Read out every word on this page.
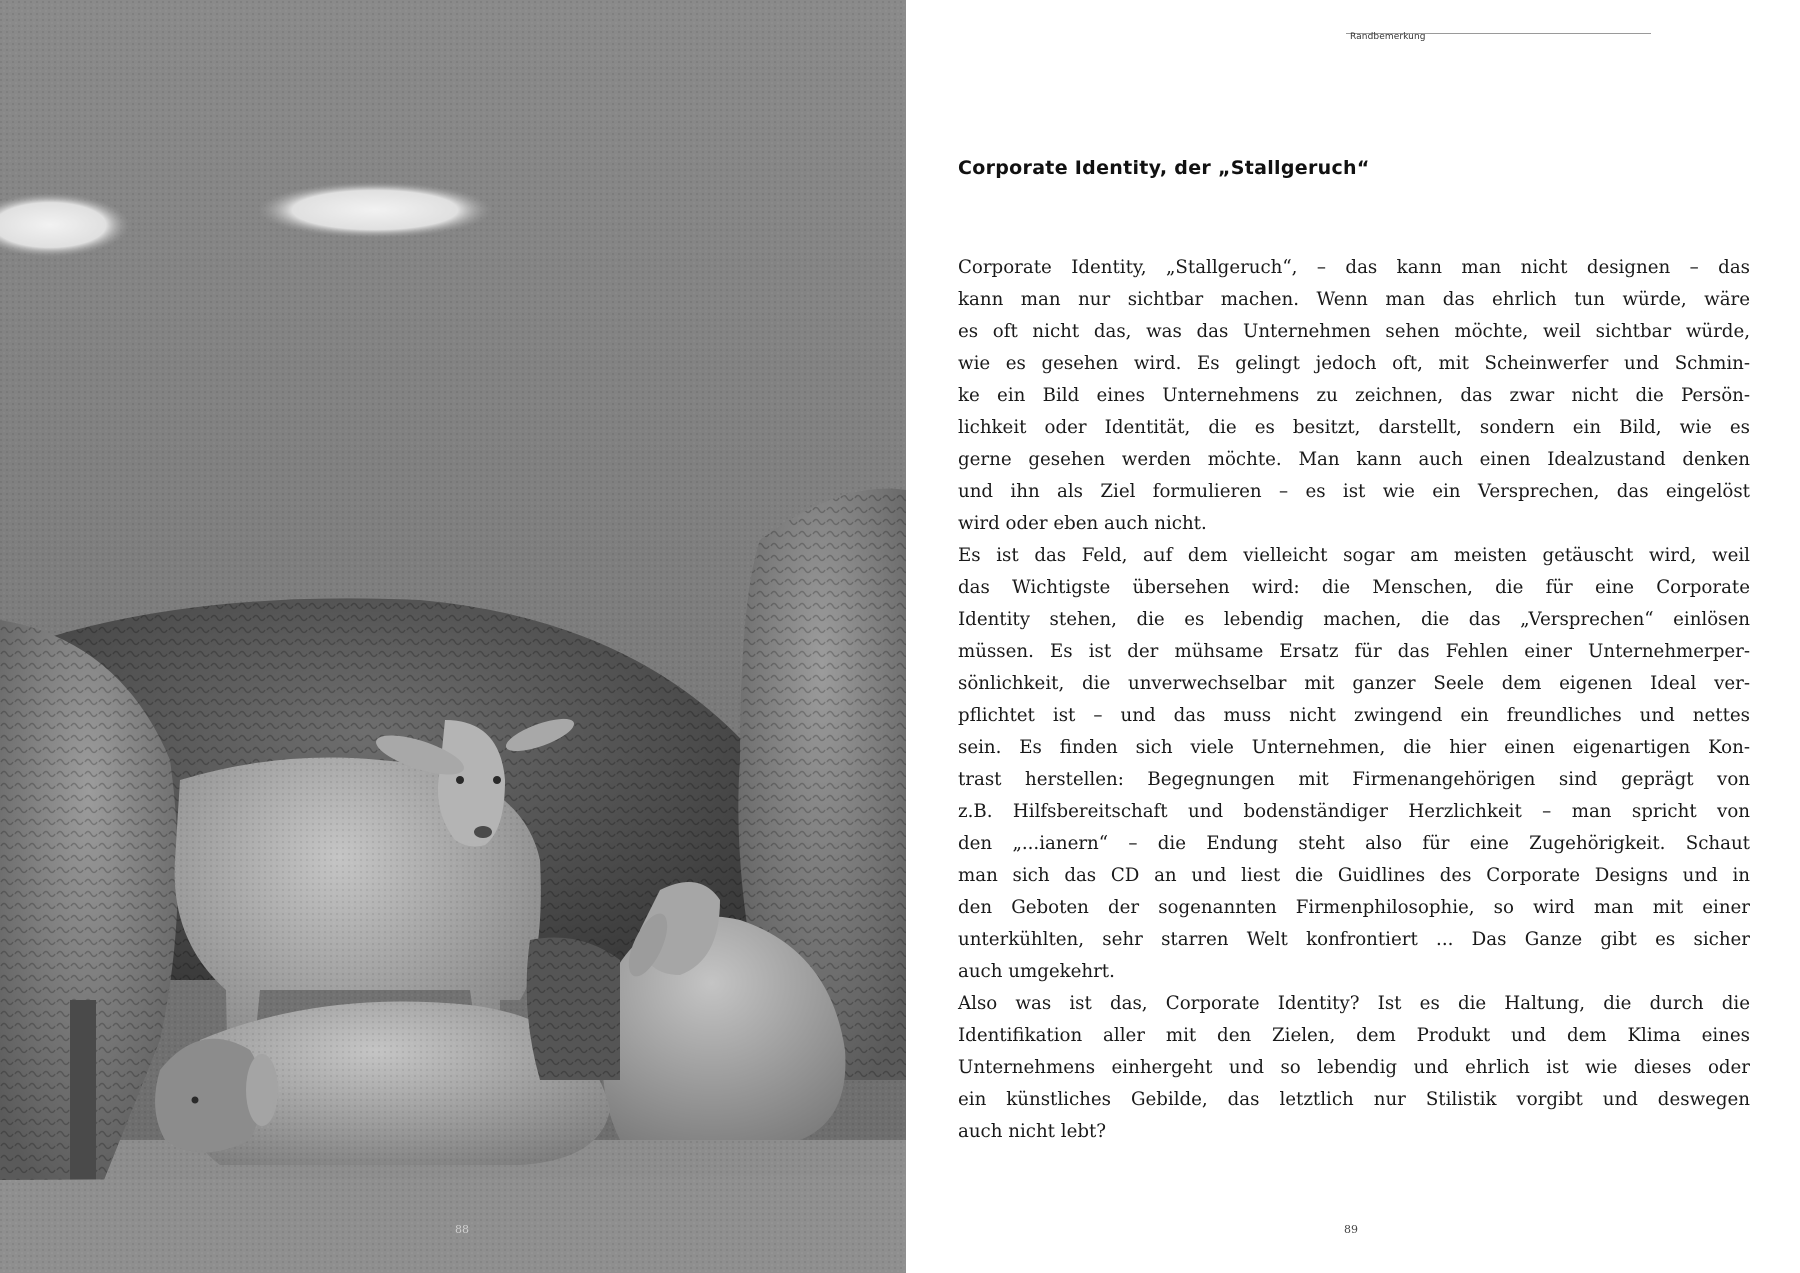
88
Randbemerkung
Corporate Identity, der „Stallgeruch“
Corporate Identity, „Stallgeruch“, – das kann man nicht designen – das
kann man nur sichtbar machen. Wenn man das ehrlich tun würde, wäre
es oft nicht das, was das Unternehmen sehen möchte, weil sichtbar würde,
wie es gesehen wird. Es gelingt jedoch oft, mit Scheinwerfer und Schmin-
ke ein Bild eines Unternehmens zu zeichnen, das zwar nicht die Persön-
lichkeit oder Identität, die es besitzt, darstellt, sondern ein Bild, wie es
gerne gesehen werden möchte. Man kann auch einen Idealzustand denken
und ihn als Ziel formulieren – es ist wie ein Versprechen, das eingelöst
wird oder eben auch nicht.
Es ist das Feld, auf dem vielleicht sogar am meisten getäuscht wird, weil
das Wichtigste übersehen wird: die Menschen, die für eine Corporate
Identity stehen, die es lebendig machen, die das „Versprechen“ einlösen
müssen. Es ist der mühsame Ersatz für das Fehlen einer Unternehmerper-
sönlichkeit, die unverwechselbar mit ganzer Seele dem eigenen Ideal ver-
pflichtet ist – und das muss nicht zwingend ein freundliches und nettes
sein. Es finden sich viele Unternehmen, die hier einen eigenartigen Kon-
trast herstellen: Begegnungen mit Firmenangehörigen sind geprägt von
z.B. Hilfsbereitschaft und bodenständiger Herzlichkeit – man spricht von
den „...ianern“ – die Endung steht also für eine Zugehörigkeit. Schaut
man sich das CD an und liest die Guidlines des Corporate Designs und in
den Geboten der sogenannten Firmenphilosophie, so wird man mit einer
unterkühlten, sehr starren Welt konfrontiert ... Das Ganze gibt es sicher
auch umgekehrt.
Also was ist das, Corporate Identity? Ist es die Haltung, die durch die
Identifikation aller mit den Zielen, dem Produkt und dem Klima eines
Unternehmens einhergeht und so lebendig und ehrlich ist wie dieses oder
ein künstliches Gebilde, das letztlich nur Stilistik vorgibt und deswegen
auch nicht lebt?
89
